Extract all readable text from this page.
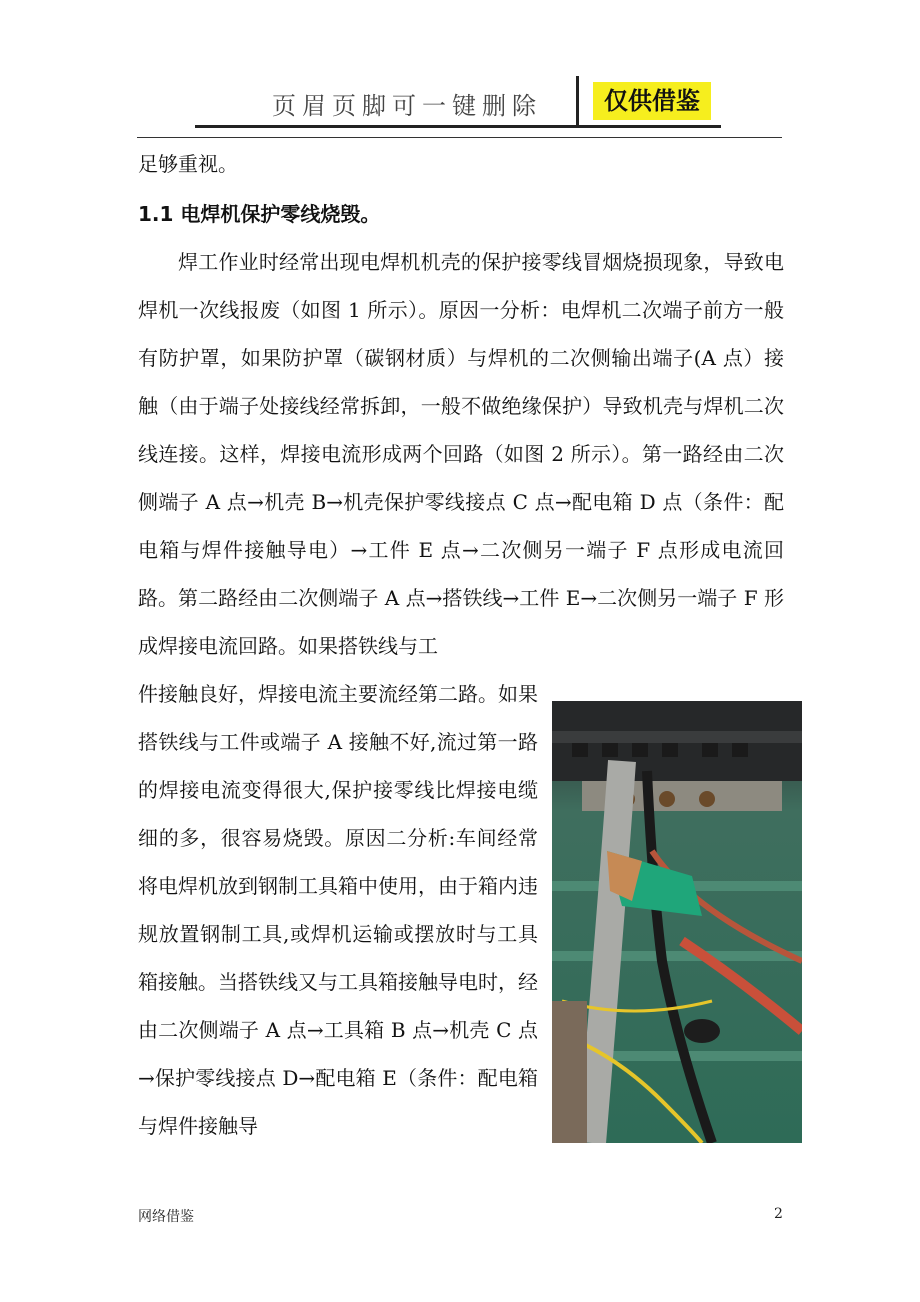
页眉页脚可一键删除	仅供借鉴

足够重视。

1.1 电焊机保护零线烧毁。

焊工作业时经常出现电焊机机壳的保护接零线冒烟烧损现象，导致电焊机一次线报废（如图 1 所示）。原因一分析：电焊机二次端子前方一般有防护罩，如果防护罩（碳钢材质）与焊机的二次侧输出端子(A 点）接触（由于端子处接线经常拆卸，一般不做绝缘保护）导致机壳与焊机二次线连接。这样，焊接电流形成两个回路（如图 2 所示）。第一路经由二次侧端子 A 点→机壳 B→机壳保护零线接点 C 点→配电箱 D 点（条件：配电箱与焊件接触导电）→工件 E 点→二次侧另一端子 F 点形成电流回路。第二路经由二次侧端子 A 点→搭铁线→工件 E→二次侧另一端子 F 形成焊接电流回路。如果搭铁线与工

件接触良好，焊接电流主要流经第二路。如果搭铁线与工件或端子 A 接触不好,流过第一路的焊接电流变得很大,保护接零线比焊接电缆细的多，很容易烧毁。原因二分析:车间经常将电焊机放到钢制工具箱中使用，由于箱内违规放置钢制工具,或焊机运输或摆放时与工具箱接触。当搭铁线又与工具箱接触导电时，经由二次侧端子 A 点→工具箱 B 点→机壳 C 点→保护零线接点 D→配电箱 E（条件：配电箱与焊件接触导

网络借鉴	2
